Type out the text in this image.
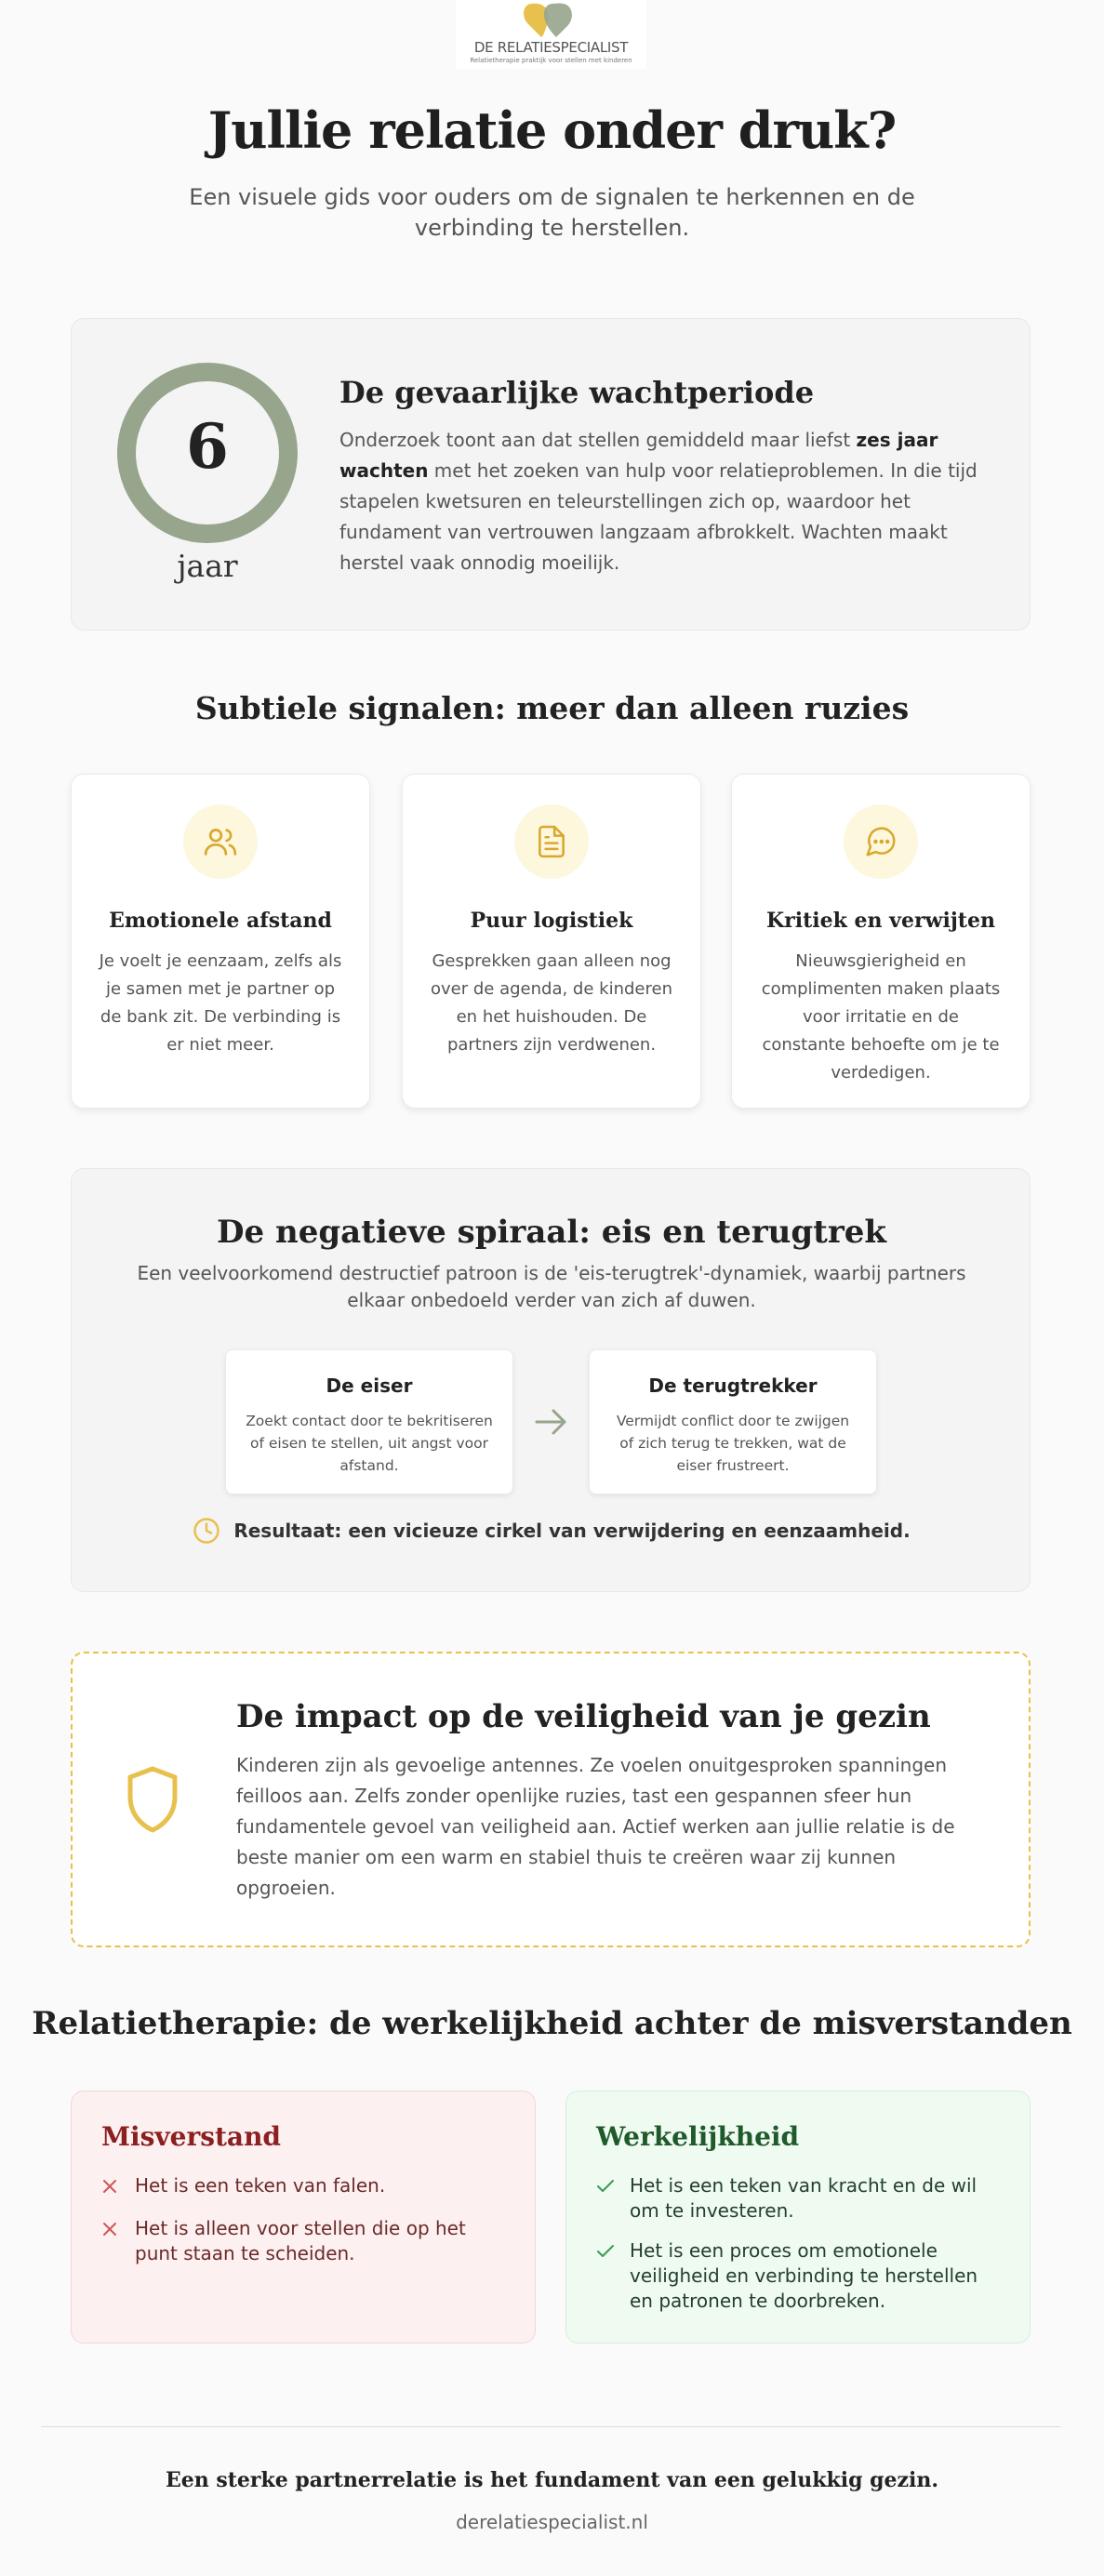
DE RELATIESPECIALIST
Relatietherapie praktijk voor stellen met kinderen
Jullie relatie onder druk?

Een visuele gids voor ouders om de signalen te herkennen en de verbinding te herstellen.

6
jaar
De gevaarlijke wachtperiode

Onderzoek toont aan dat stellen gemiddeld maar liefst zes jaar wachten met het zoeken van hulp voor relatieproblemen. In die tijd stapelen kwetsuren en teleurstellingen zich op, waardoor het fundament van vertrouwen langzaam afbrokkelt. Wachten maakt herstel vaak onnodig moeilijk.

Subtiele signalen: meer dan alleen ruzies
Emotionele afstand

Je voelt je eenzaam, zelfs als je samen met je partner op de bank zit. De verbinding is er niet meer.

Puur logistiek

Gesprekken gaan alleen nog over de agenda, de kinderen en het huishouden. De partners zijn verdwenen.

Kritiek en verwijten

Nieuwsgierigheid en complimenten maken plaats voor irritatie en de constante behoefte om je te verdedigen.

De negatieve spiraal: eis en terugtrek

Een veelvoorkomend destructief patroon is de 'eis-terugtrek'-dynamiek, waarbij partners elkaar onbedoeld verder van zich af duwen.

De eiser

Zoekt contact door te bekritiseren of eisen te stellen, uit angst voor afstand.

De terugtrekker

Vermijdt conflict door te zwijgen of zich terug te trekken, wat de eiser frustreert.

Resultaat: een vicieuze cirkel van verwijdering en eenzaamheid.
De impact op de veiligheid van je gezin

Kinderen zijn als gevoelige antennes. Ze voelen onuitgesproken spanningen feilloos aan. Zelfs zonder openlijke ruzies, tast een gespannen sfeer hun fundamentele gevoel van veiligheid aan. Actief werken aan jullie relatie is de beste manier om een warm en stabiel thuis te creëren waar zij kunnen opgroeien.

Relatietherapie: de werkelijkheid achter de misverstanden
Misverstand
Het is een teken van falen.
Het is alleen voor stellen die op het punt staan te scheiden.
Werkelijkheid
Het is een teken van kracht en de wil om te investeren.
Het is een proces om emotionele veiligheid en verbinding te herstellen en patronen te doorbreken.

Een sterke partnerrelatie is het fundament van een gelukkig gezin.

derelatiespecialist.nl
